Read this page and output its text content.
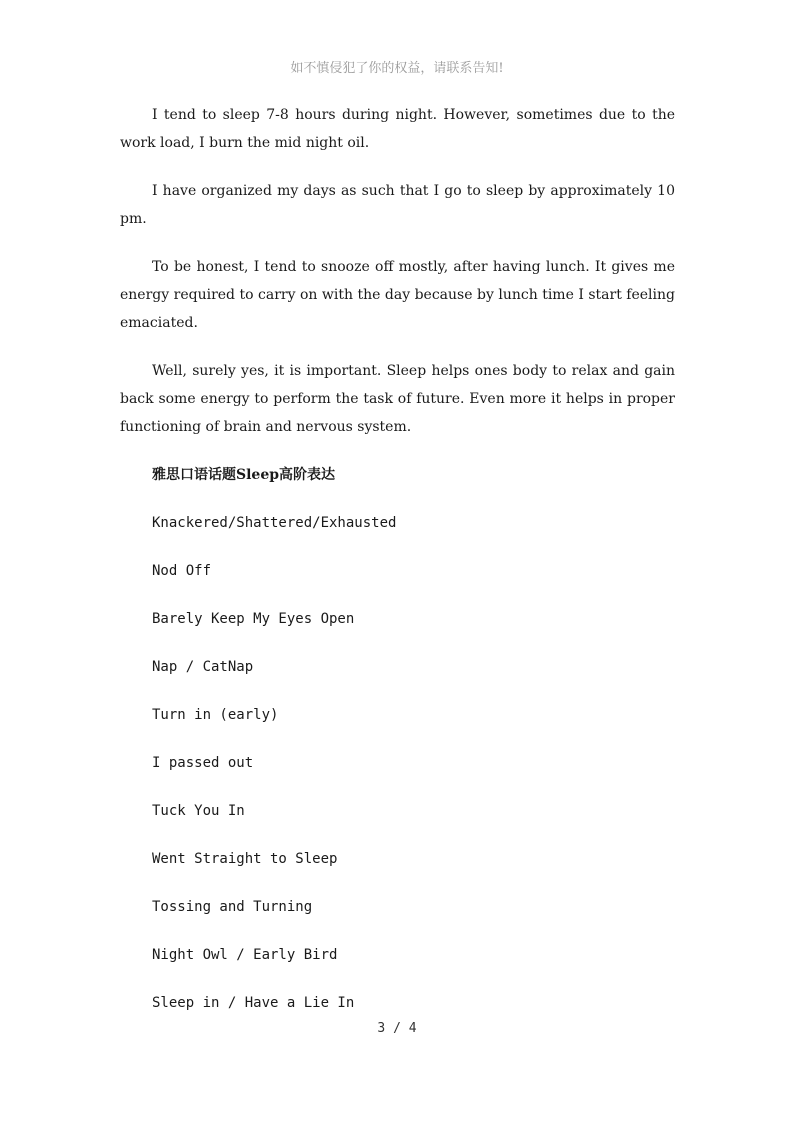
如不慎侵犯了你的权益，请联系告知!

I tend to sleep 7-8 hours during night. However, sometimes due to the work load, I burn the mid night oil.

I have organized my days as such that I go to sleep by approximately 10 pm.

To be honest, I tend to snooze off mostly, after having lunch. It gives me energy required to carry on with the day because by lunch time I start feeling emaciated.

Well, surely yes, it is important. Sleep helps ones body to relax and gain back some energy to perform the task of future. Even more it helps in proper functioning of brain and nervous system.

雅思口语话题Sleep高阶表达
Knackered/Shattered/Exhausted
Nod Off
Barely Keep My Eyes Open
Nap / CatNap
Turn in (early)
I passed out
Tuck You In
Went Straight to Sleep
Tossing and Turning
Night Owl / Early Bird
Sleep in / Have a Lie In
3 / 4
